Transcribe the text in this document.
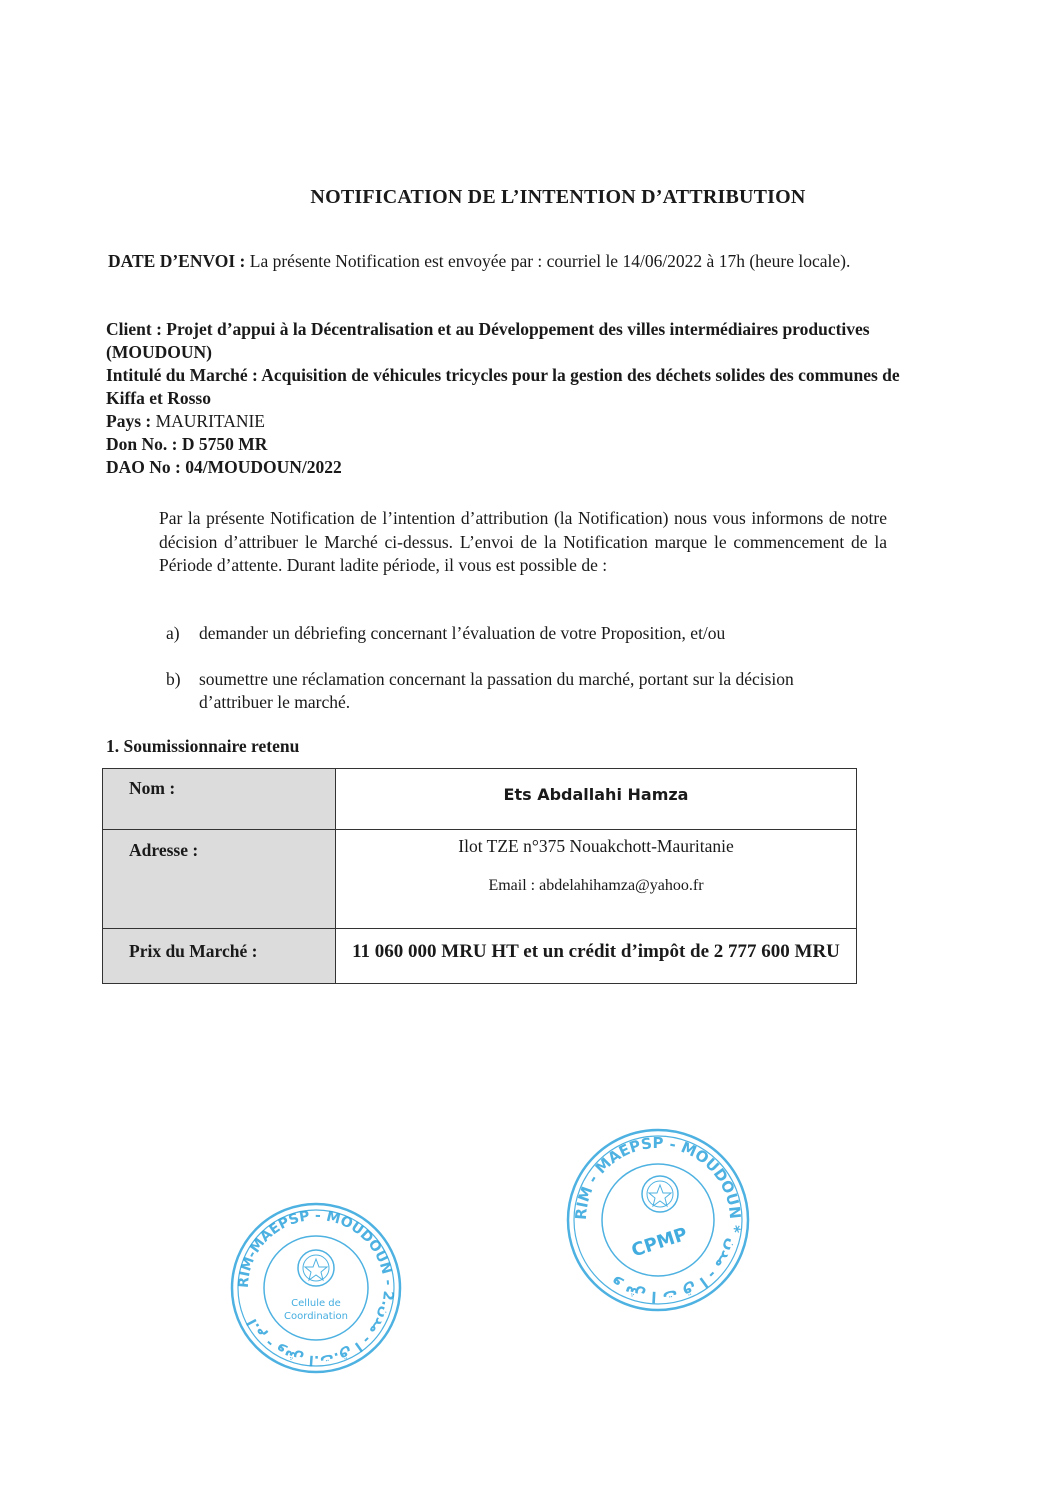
NOTIFICATION DE L’INTENTION D’ATTRIBUTION
DATE D’ENVOI : La présente Notification est envoyée par : courriel le 14/06/2022 à 17h (heure locale).
Client : Projet d’appui à la Décentralisation et au Développement des villes intermédiaires productives (MOUDOUN)
Intitulé du Marché : Acquisition de véhicules tricycles pour la gestion des déchets solides des communes de Kiffa et Rosso
Pays : MAURITANIE
Don No. : D 5750 MR
DAO No : 04/MOUDOUN/2022
Par la présente Notification de l’intention d’attribution (la Notification) nous vous informons de notre décision d’attribuer le Marché ci-dessus. L’envoi de la Notification marque le commencement de la Période d’attente. Durant ladite période, il vous est possible de :
a) demander un débriefing concernant l’évaluation de votre Proposition, et/ou
b) soumettre une réclamation concernant la passation du marché, portant sur la décision d’attribuer le marché.
1. Soumissionnaire retenu
Nom :	Ets Abdallahi Hamza
Adresse :	Ilot TZE n°375 Nouakchott-Mauritanie
Email : abdelahihamza@yahoo.fr

Prix du Marché :	11 060 000 MRU HT et un crédit d’impôt de 2 777 600 MRU
RIM-MAEPSP - MOUDOUN - 2.ا.م - وش ا.ت.ق ا - مدن
Cellule de
Coordination
RIM - MAEPSP - MOUDOUN * و ش ا ت ق ا - مدن
CPMP
